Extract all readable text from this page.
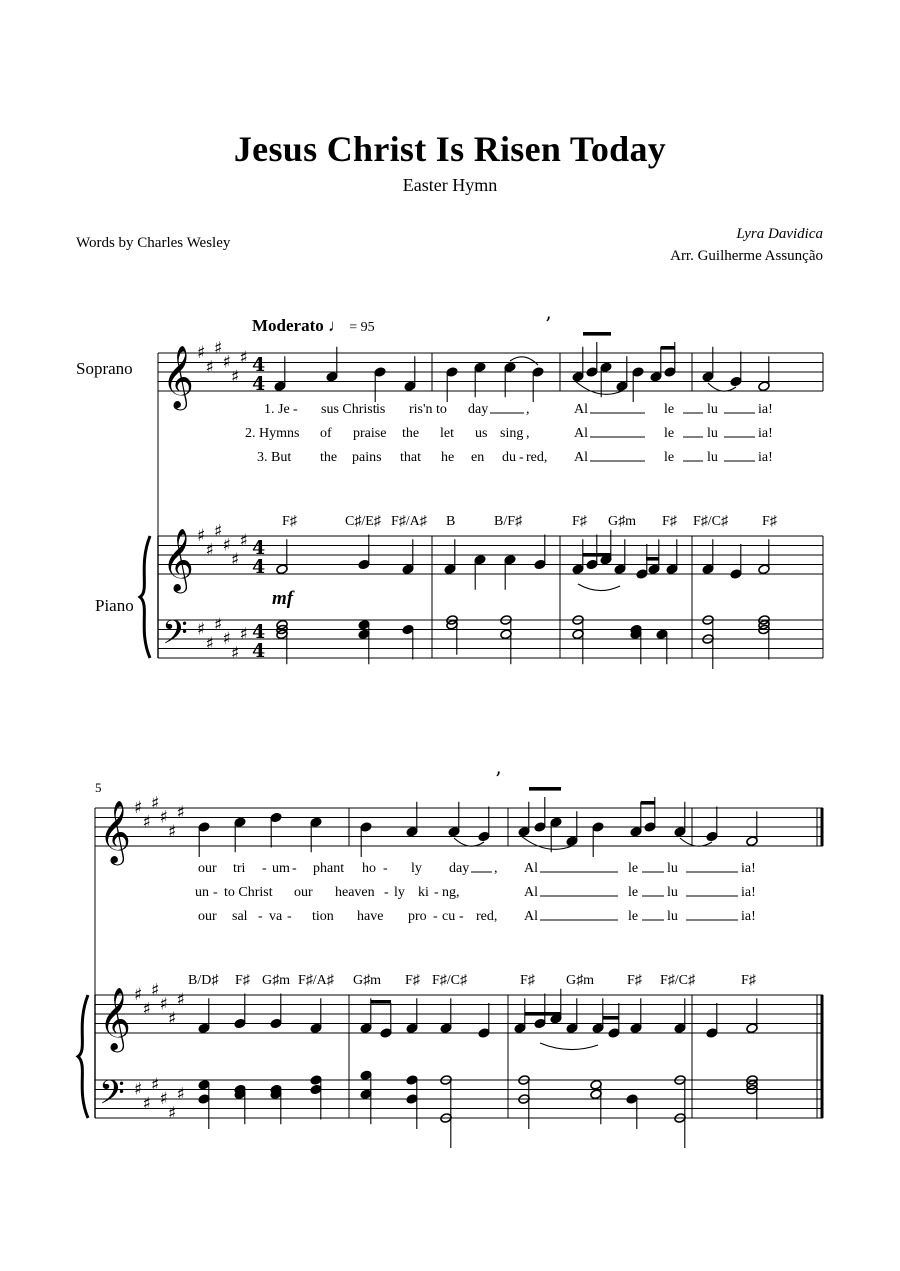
Jesus Christ Is Risen Today
Easter Hymn
Words by Charles Wesley
Lyra Davidica
Arr. Guilherme Assunção
Moderato ♩ = 95
Soprano
Piano
5
𝄞 ♯
♯
♯
♯
♯
♯ 4
4
𝄞 ♯
♯
♯
♯
♯
♯ 4
4
𝄢 ♯
♯
♯
♯
♯
♯ 4
4
’
1. Je - sus Christ is ris'n to day	,	Al	le lu	ia!
2. Hymns of praise the let us sing ,	Al	le lu	ia!
3. But the pains that he en du - red, Al	le lu	ia!
F♯	C♯/E♯ F♯/A♯ B	B/F♯	F♯ G♯m F♯ F♯/C♯ F♯
mf
𝄞 ♯
♯
♯
♯
♯
♯
𝄞 ♯
♯
♯
♯
♯
♯
𝄢 ♯
♯
♯
♯
♯
♯
’
our tri - um - phant ho - ly day , Al	le lu	ia!
un - to Christ our heaven - ly ki - ng,	Al	le lu	ia!
our sal - va - tion have pro - cu - red, Al	le lu	ia!
B/D♯ F♯ G♯m F♯/A♯ G♯m F♯ F♯/C♯	F♯ G♯m F♯ F♯/C♯	F♯
